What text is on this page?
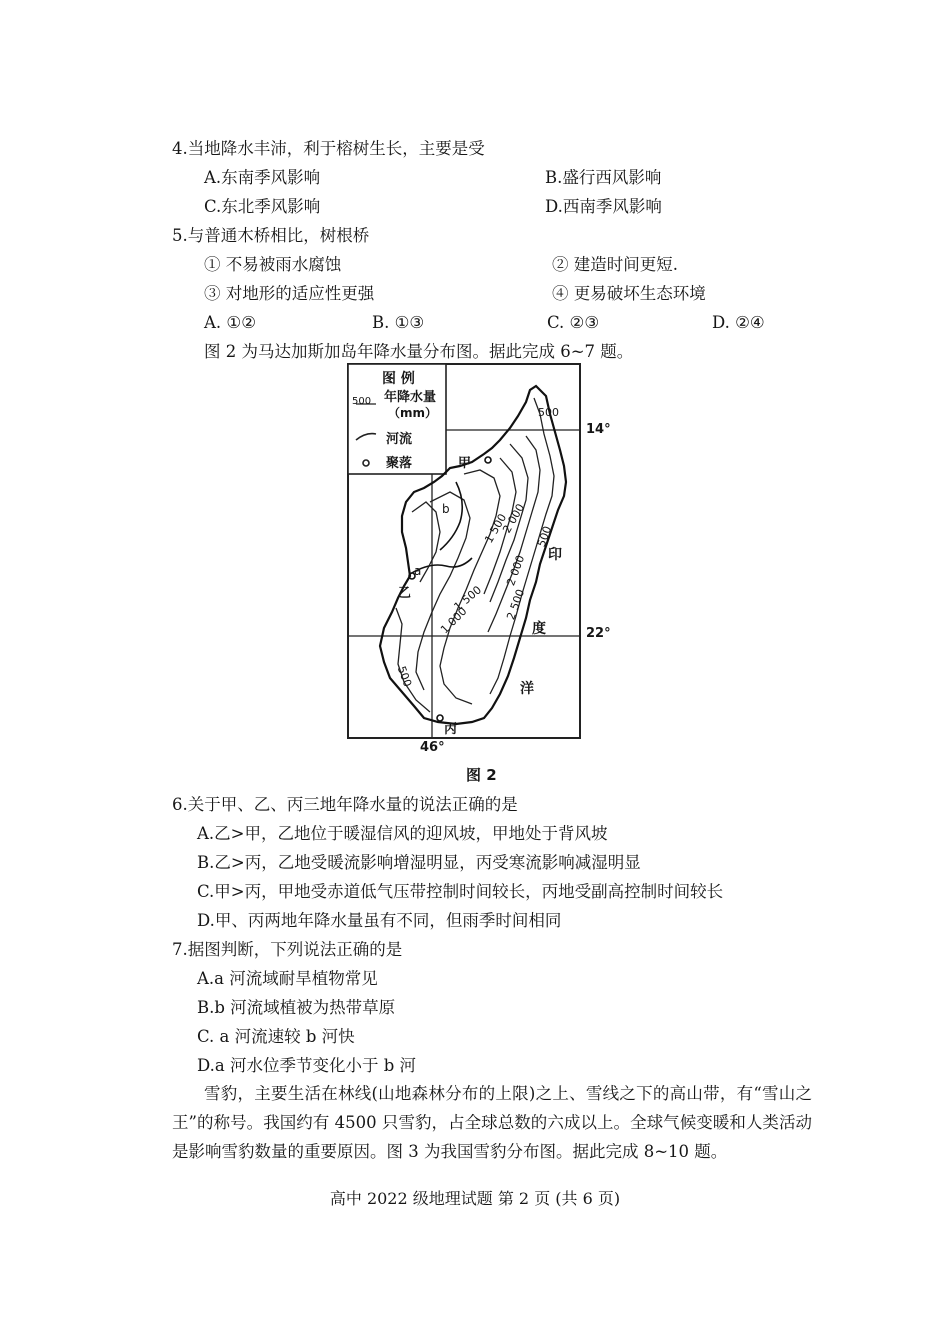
4.当地降水丰沛，利于榕树生长，主要是受
A.东南季风影响	B.盛行西风影响
C.东北季风影响	D.西南季风影响
5.与普通木桥相比，树根桥
① 不易被雨水腐蚀	② 建造时间更短.
③ 对地形的适应性更强	④ 更易破坏生态环境
A. ①②	B. ①③	C. ②③	D. ②④
图 2 为马达加斯加岛年降水量分布图。据此完成 6~7 题。
图 例
年降水量
500
（mm）
河流
聚落
14°
22°
46°
甲
乙
丙
a
b
印
度
洋
500
2 000
1 500
1 000
2 000
2 500
500
1 500
500
图 2
6.关于甲、乙、丙三地年降水量的说法正确的是
A.乙>甲，乙地位于暖湿信风的迎风坡，甲地处于背风坡
B.乙>丙，乙地受暖流影响增湿明显，丙受寒流影响减湿明显
C.甲>丙，甲地受赤道低气压带控制时间较长，丙地受副高控制时间较长
D.甲、丙两地年降水量虽有不同，但雨季时间相同
7.据图判断，下列说法正确的是
A.a 河流域耐旱植物常见
B.b 河流域植被为热带草原
C. a 河流速较 b 河快
D.a 河水位季节变化小于 b 河
雪豹，主要生活在林线(山地森林分布的上限)之上、雪线之下的高山带，有“雪山之王”的称号。我国约有 4500 只雪豹，占全球总数的六成以上。全球气候变暖和人类活动是影响雪豹数量的重要原因。图 3 为我国雪豹分布图。据此完成 8~10 题。
高中 2022 级地理试题 第 2 页 (共 6 页)
